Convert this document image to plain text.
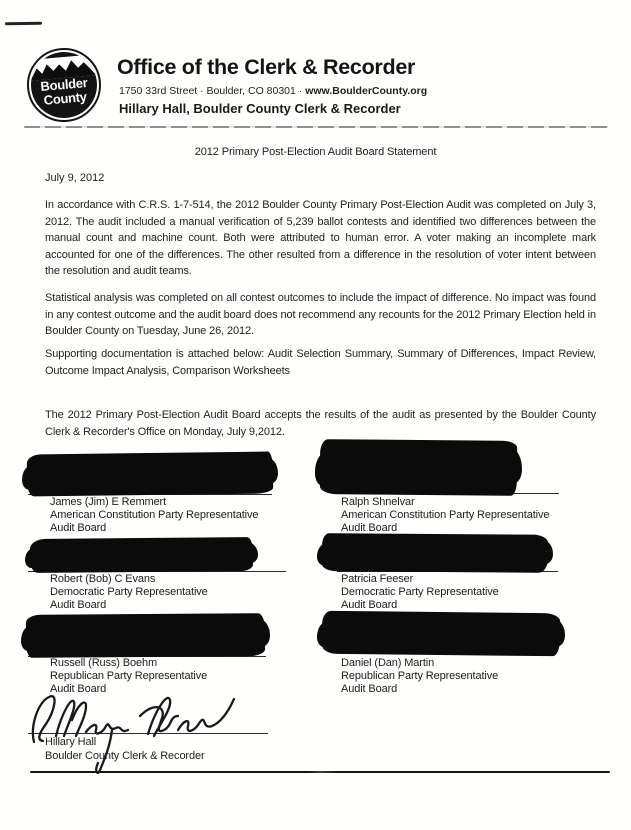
Boulder
County
Office of the Clerk & Recorder
1750 33rd Street · Boulder, CO 80301 · www.BoulderCounty.org
Hillary Hall, Boulder County Clerk & Recorder
2012 Primary Post-Election Audit Board Statement
July 9, 2012
In accordance with C.R.S. 1-7-514, the 2012 Boulder County Primary Post-Election Audit was completed on July 3, 2012. The audit included a manual verification of 5,239 ballot contests and identified two differences between the manual count and machine count. Both were attributed to human error. A voter making an incomplete mark accounted for one of the differences. The other resulted from a difference in the resolution of voter intent between the resolution and audit teams.
Statistical analysis was completed on all contest outcomes to include the impact of difference. No impact was found in any contest outcome and the audit board does not recommend any recounts for the 2012 Primary Election held in Boulder County on Tuesday, June 26, 2012.
Supporting documentation is attached below: Audit Selection Summary, Summary of Differences, Impact Review, Outcome Impact Analysis, Comparison Worksheets
The 2012 Primary Post-Election Audit Board accepts the results of the audit as presented by the Boulder County Clerk & Recorder's Office on Monday, July 9,2012.
James (Jim) E Remmert
American Constitution Party Representative
Audit Board
Ralph Shnelvar
American Constitution Party Representative
Audit Board
Robert (Bob) C Evans
Democratic Party Representative
Audit Board
Patricia Feeser
Democratic Party Representative
Audit Board
Russell (Russ) Boehm
Republican Party Representative
Audit Board
Daniel (Dan) Martin
Republican Party Representative
Audit Board
Hillary Hall
Boulder County Clerk & Recorder
